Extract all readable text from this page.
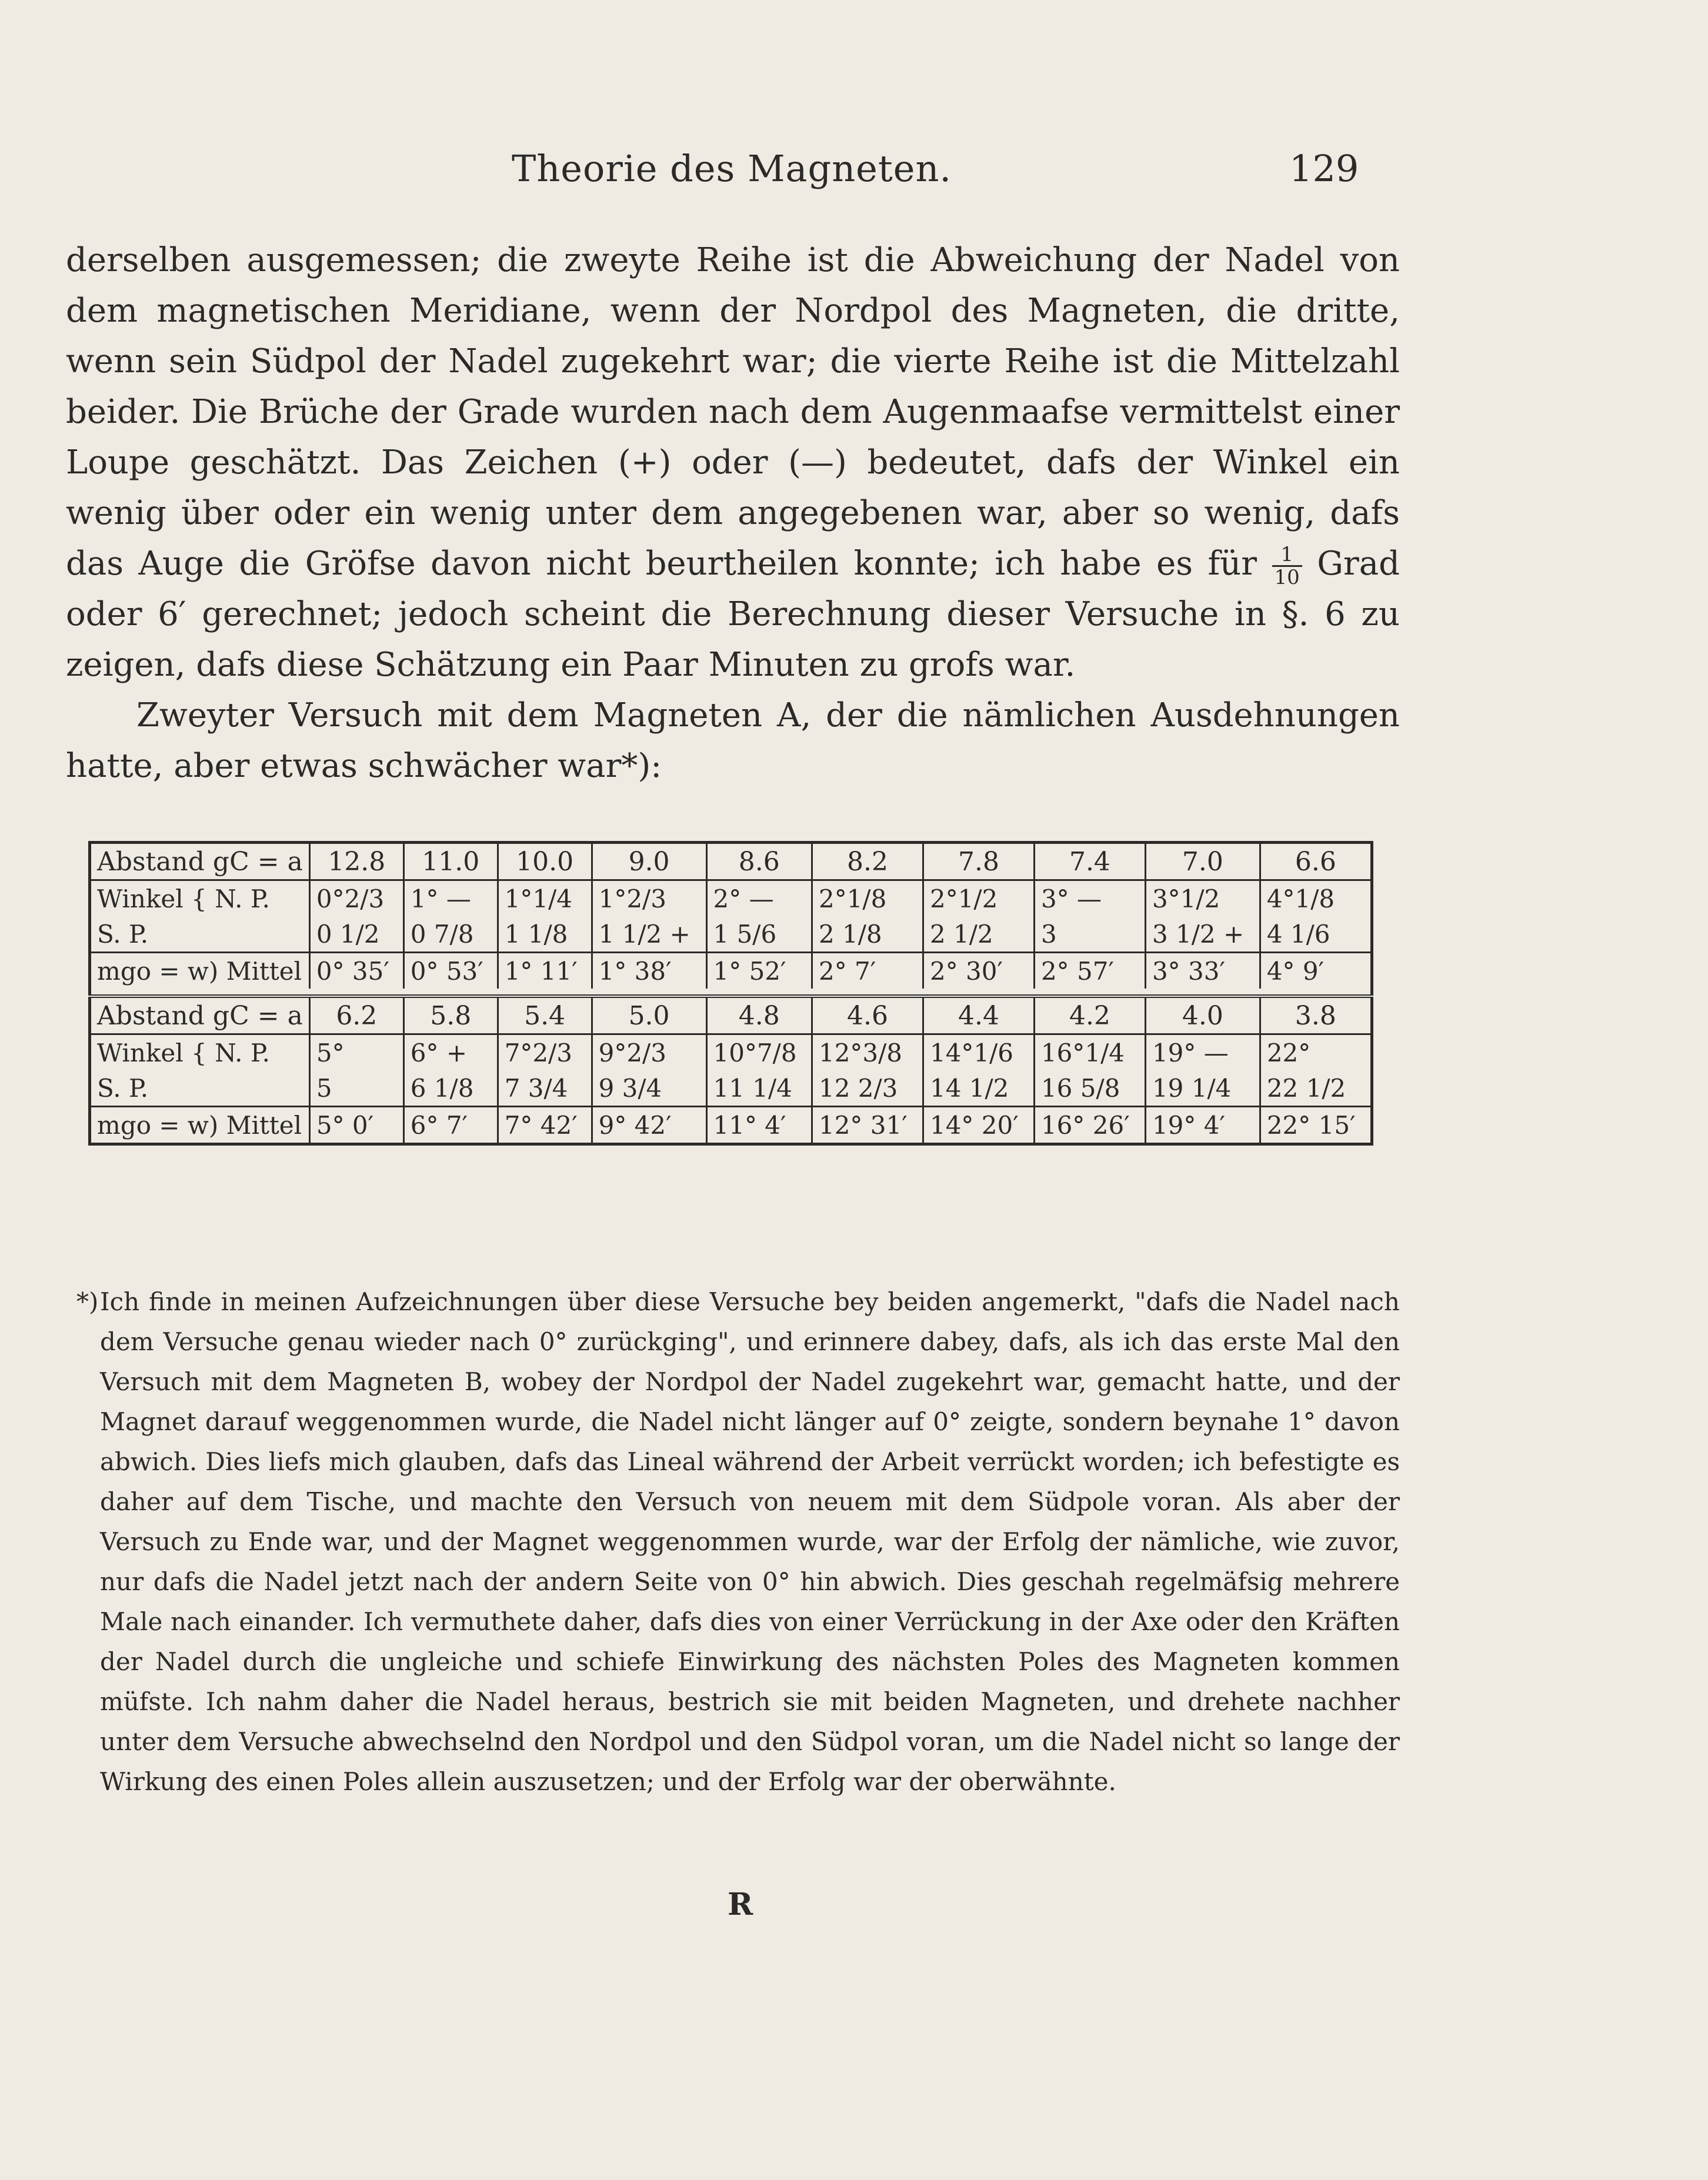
Theorie des Magneten.	129

derselben ausgemessen; die zweyte Reihe ist die Abweichung der Nadel von dem magnetischen Meridiane, wenn der Nordpol des Magneten, die dritte, wenn sein Südpol der Nadel zugekehrt war; die vierte Reihe ist die Mittelzahl beider. Die Brüche der Grade wurden nach dem Augenmaafse vermittelst einer Loupe geschätzt. Das Zeichen (+) oder (—) bedeutet, dafs der Winkel ein wenig über oder ein wenig unter dem angegebenen war, aber so wenig, dafs das Auge die Gröfse davon nicht beurtheilen konnte; ich habe es für $\frac{1}{10}$ Grad oder 6′ gerechnet; jedoch scheint die Berechnung dieser Versuche in §. 6 zu zeigen, dafs diese Schätzung ein Paar Minuten zu grofs war.

Zweyter Versuch mit dem Magneten A, der die nämlichen Ausdehnungen hatte, aber etwas schwächer war*):

Abstand gC = a	12.8	11.0	10.0	9.0	8.6	8.2	7.8	7.4	7.0	6.6
Winkel { N. P.	0°2/3	1° —	1°1/4	1°2/3	2° —	2°1/8	2°1/2	3° —	3°1/2	4°1/8
S. P.	0 1/2	0 7/8	1 1/8	1 1/2 +	1 5/6	2 1/8	2 1/2	3	3 1/2 +	4 1/6
mgo = w) Mittel	0° 35′	0° 53′	1° 11′	1° 38′	1° 52′	2° 7′	2° 30′	2° 57′	3° 33′	4° 9′

Abstand gC = a	6.2	5.8	5.4	5.0	4.8	4.6	4.4	4.2	4.0	3.8
Winkel { N. P.	5°	6° +	7°2/3	9°2/3	10°7/8	12°3/8	14°1/6	16°1/4	19° —	22°
S. P.	5	6 1/8	7 3/4	9 3/4	11 1/4	12 2/3	14 1/2	16 5/8	19 1/4	22 1/2
mgo = w) Mittel	5° 0′	6° 7′	7° 42′	9° 42′	11° 4′	12° 31′	14° 20′	16° 26′	19° 4′	22° 15′
*) Ich finde in meinen Aufzeichnungen über diese Versuche bey beiden angemerkt, "dafs die Nadel nach dem Versuche genau wieder nach 0° zurückging", und erinnere dabey, dafs, als ich das erste Mal den Versuch mit dem Magneten B, wobey der Nordpol der Nadel zugekehrt war, gemacht hatte, und der Magnet darauf weggenommen wurde, die Nadel nicht länger auf 0° zeigte, sondern beynahe 1° davon abwich. Dies liefs mich glauben, dafs das Lineal während der Arbeit verrückt worden; ich befestigte es daher auf dem Tische, und machte den Versuch von neuem mit dem Südpole voran. Als aber der Versuch zu Ende war, und der Magnet weggenommen wurde, war der Erfolg der nämliche, wie zuvor, nur dafs die Nadel jetzt nach der andern Seite von 0° hin abwich. Dies geschah regelmäfsig mehrere Male nach einander. Ich vermuthete daher, dafs dies von einer Verrückung in der Axe oder den Kräften der Nadel durch die ungleiche und schiefe Einwirkung des nächsten Poles des Magneten kommen müfste. Ich nahm daher die Nadel heraus, bestrich sie mit beiden Magneten, und drehete nachher unter dem Versuche abwechselnd den Nordpol und den Südpol voran, um die Nadel nicht so lange der Wirkung des einen Poles allein auszusetzen; und der Erfolg war der oberwähnte.
R
